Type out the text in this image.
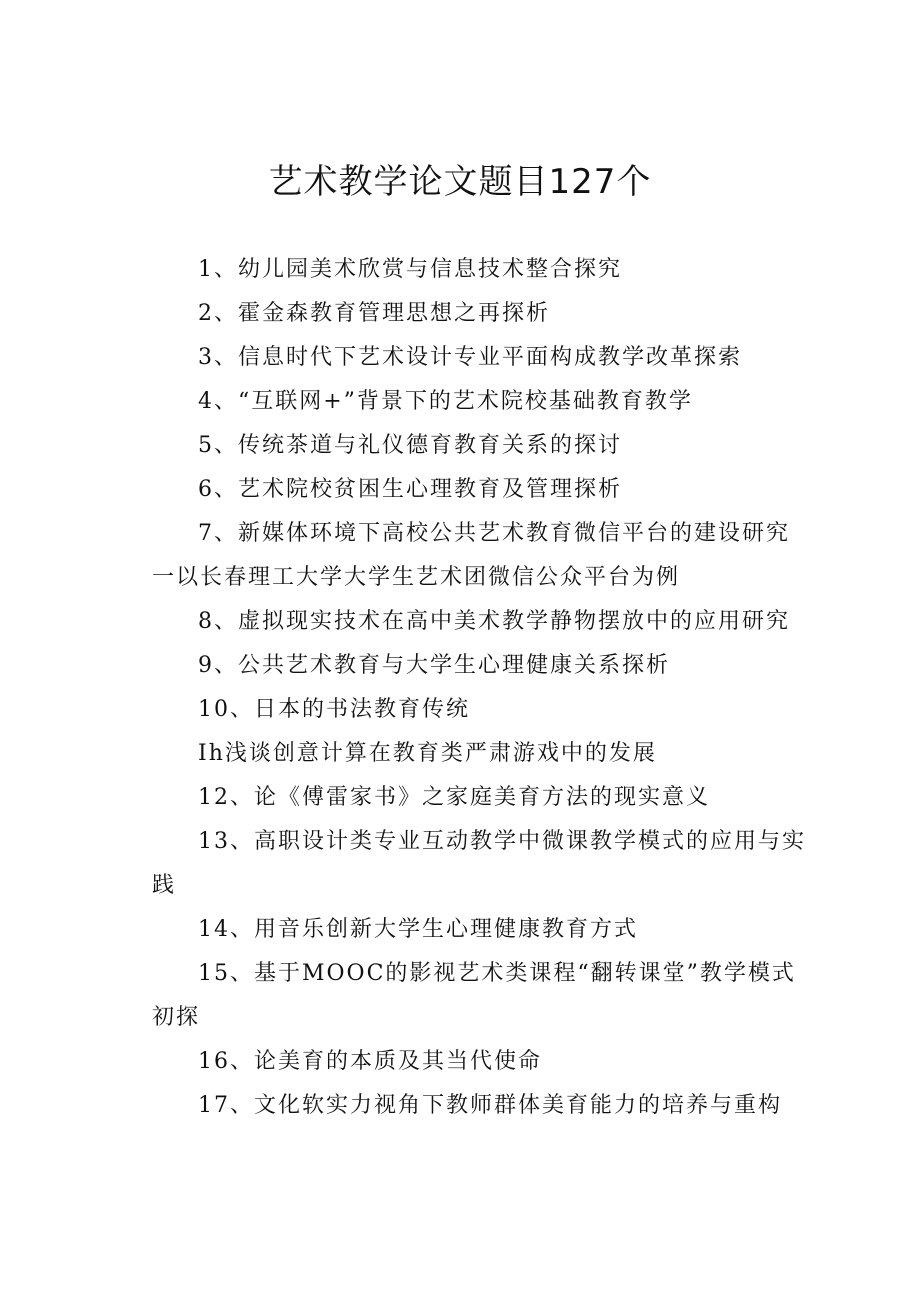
艺术教学论文题目127个
1、幼儿园美术欣赏与信息技术整合探究
2、霍金森教育管理思想之再探析
3、信息时代下艺术设计专业平面构成教学改革探索
4、“互联网+”背景下的艺术院校基础教育教学
5、传统茶道与礼仪德育教育关系的探讨
6、艺术院校贫困生心理教育及管理探析
7、新媒体环境下高校公共艺术教育微信平台的建设研究一以长春理工大学大学生艺术团微信公众平台为例
8、虚拟现实技术在高中美术教学静物摆放中的应用研究
9、公共艺术教育与大学生心理健康关系探析
10、日本的书法教育传统
Ih浅谈创意计算在教育类严肃游戏中的发展
12、论《傅雷家书》之家庭美育方法的现实意义
13、高职设计类专业互动教学中微课教学模式的应用与实践
14、用音乐创新大学生心理健康教育方式
15、基于MOOC的影视艺术类课程“翻转课堂”教学模式初探
16、论美育的本质及其当代使命
17、文化软实力视角下教师群体美育能力的培养与重构
